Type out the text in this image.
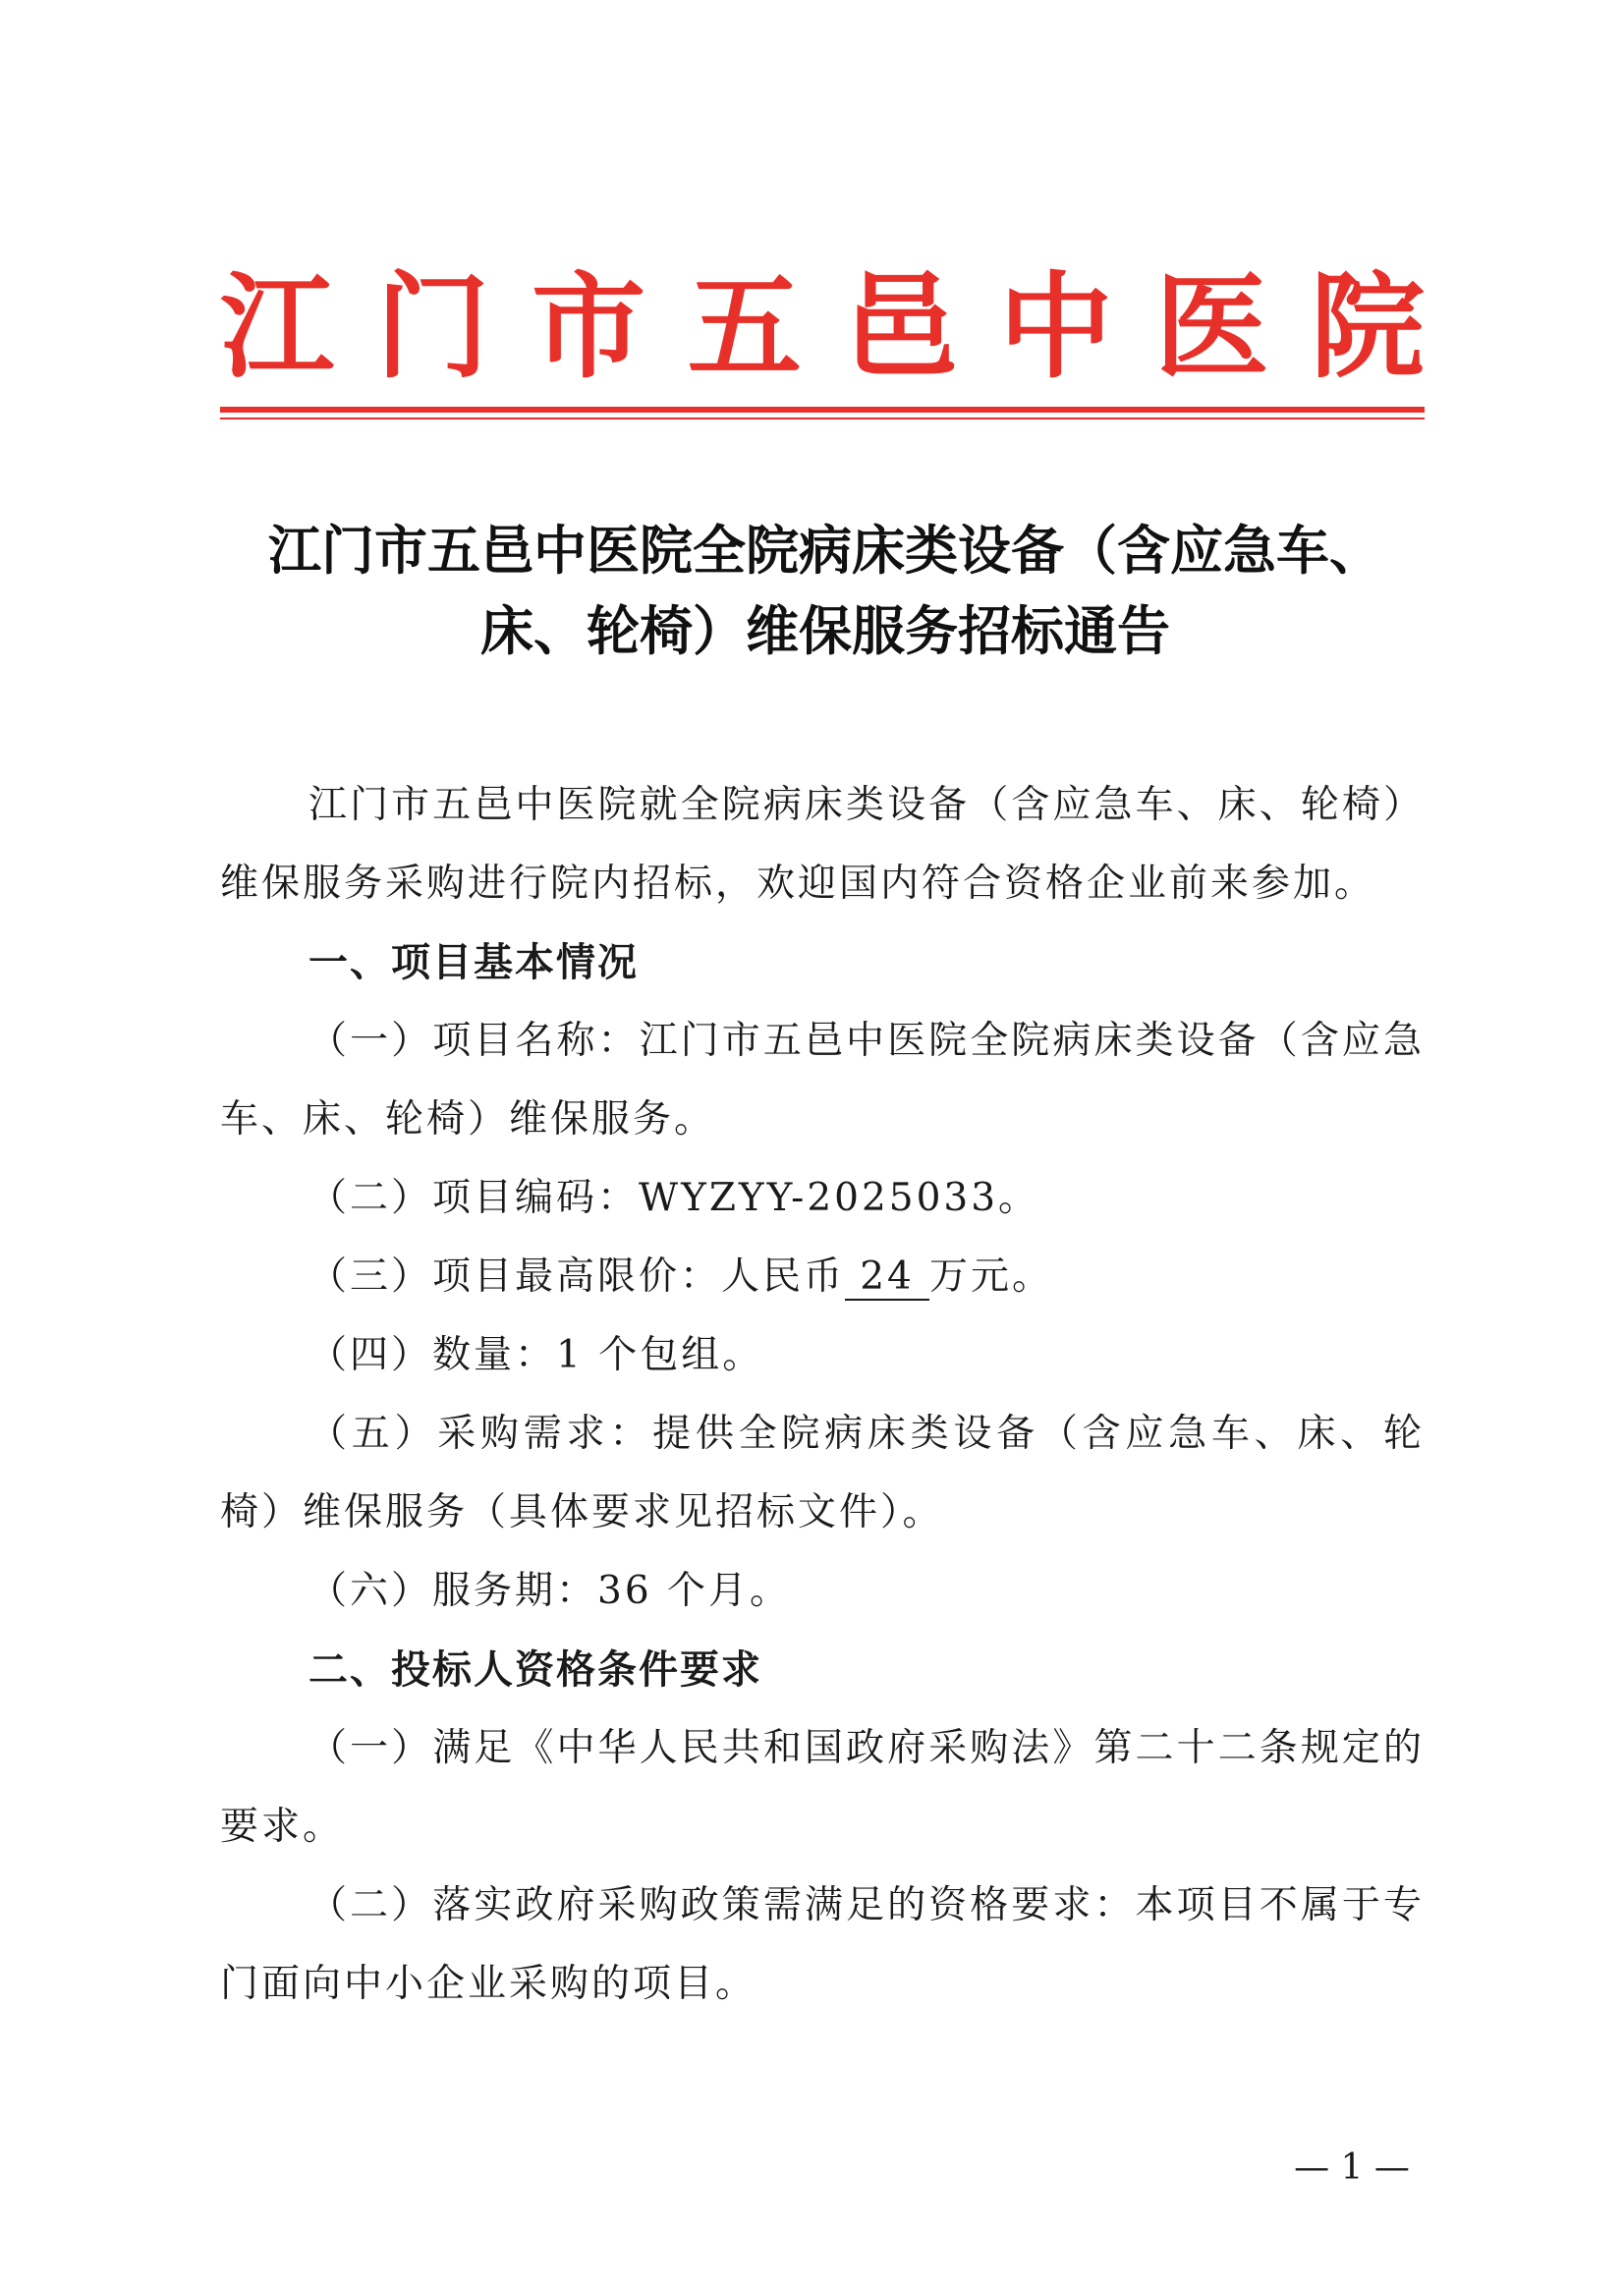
江 门 市 五 邑 中 医 院
江门市五邑中医院全院病床类设备（含应急车、
床、轮椅）维保服务招标通告

江门市五邑中医院就全院病床类设备（含应急车、床、轮椅）维保服务采购进行院内招标，欢迎国内符合资格企业前来参加。

一、项目基本情况

（一）项目名称：江门市五邑中医院全院病床类设备（含应急车、床、轮椅）维保服务。

（二）项目编码：WYZYY-2025033。

（三）项目最高限价：人民币 24 万元。

（四）数量：1 个包组。

（五）采购需求：提供全院病床类设备（含应急车、床、轮椅）维保服务（具体要求见招标文件）。

（六）服务期：36 个月。

二、投标人资格条件要求

（一）满足《中华人民共和国政府采购法》第二十二条规定的要求。

（二）落实政府采购政策需满足的资格要求：本项目不属于专门面向中小企业采购的项目。

— 1 —
